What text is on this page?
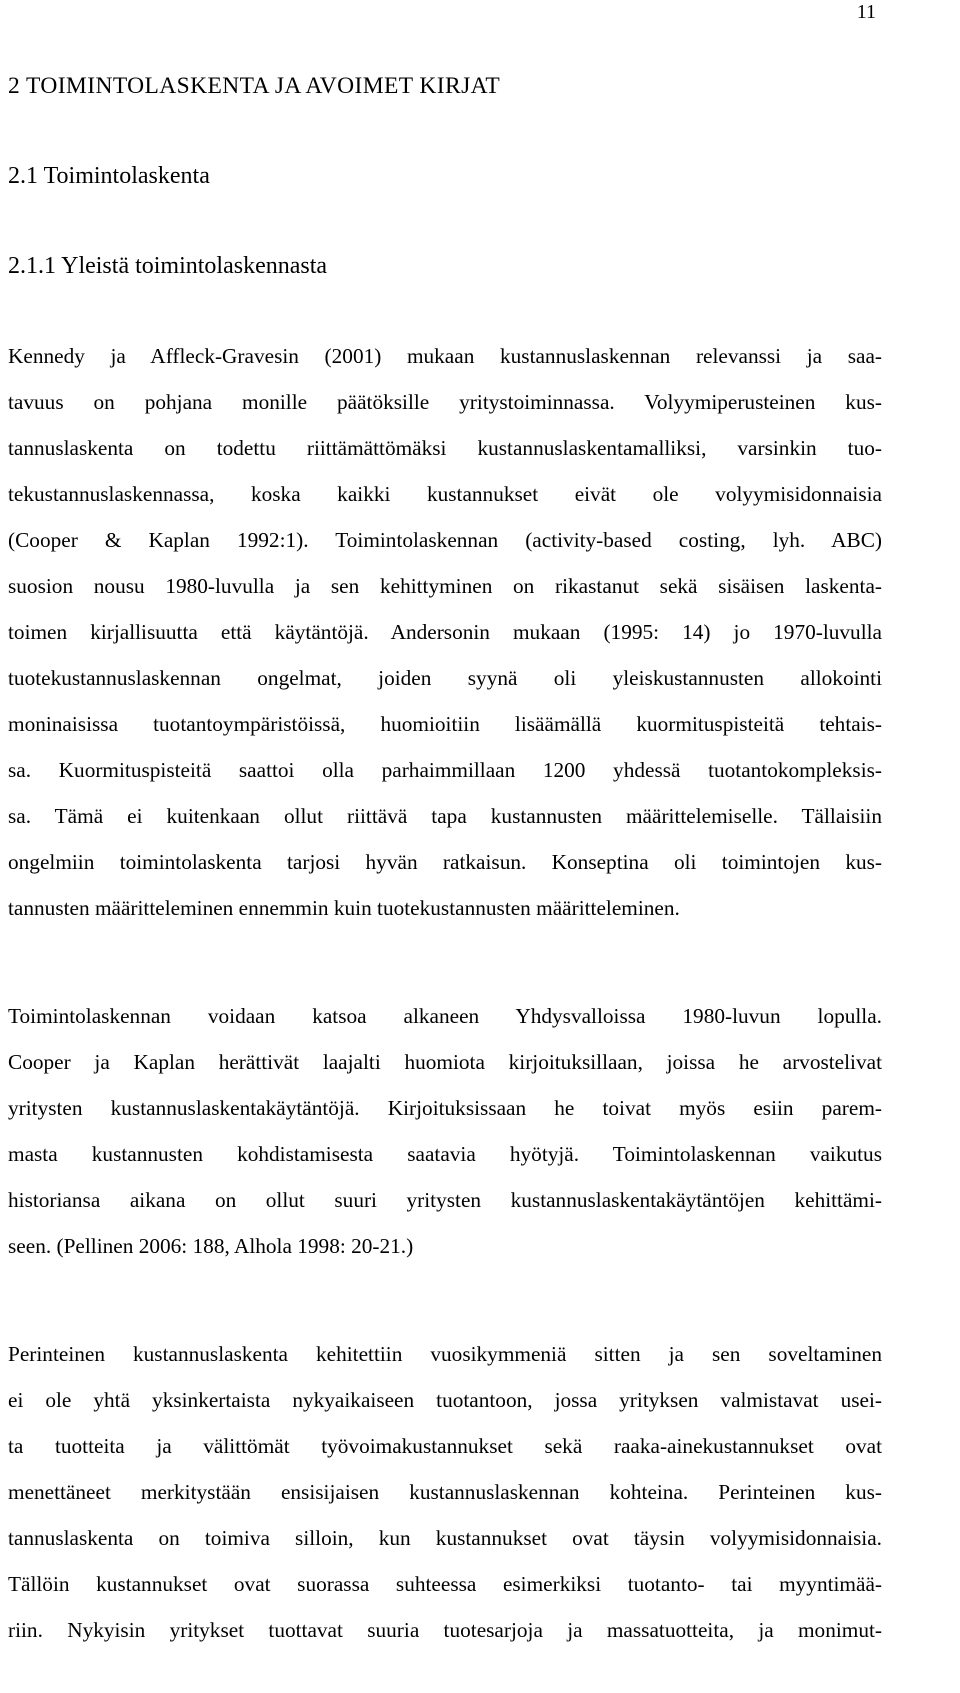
11
2 TOIMINTOLASKENTA JA AVOIMET KIRJAT
2.1 Toimintolaskenta
2.1.1 Yleistä toimintolaskennasta
Kennedy ja Affleck-Gravesin (2001) mukaan kustannuslaskennan relevanssi ja saa-
tavuus on pohjana monille päätöksille yritystoiminnassa. Volyymiperusteinen kus-
tannuslaskenta on todettu riittämättömäksi kustannuslaskentamalliksi, varsinkin tuo-
tekustannuslaskennassa, koska kaikki kustannukset eivät ole volyymisidonnaisia
(Cooper & Kaplan 1992:1). Toimintolaskennan (activity-based costing, lyh. ABC)
suosion nousu 1980-luvulla ja sen kehittyminen on rikastanut sekä sisäisen laskenta-
toimen kirjallisuutta että käytäntöjä. Andersonin mukaan (1995: 14) jo 1970-luvulla
tuotekustannuslaskennan ongelmat, joiden syynä oli yleiskustannusten allokointi
moninaisissa tuotantoympäristöissä, huomioitiin lisäämällä kuormituspisteitä tehtais-
sa. Kuormituspisteitä saattoi olla parhaimmillaan 1200 yhdessä tuotantokompleksis-
sa. Tämä ei kuitenkaan ollut riittävä tapa kustannusten määrittelemiselle. Tällaisiin
ongelmiin toimintolaskenta tarjosi hyvän ratkaisun. Konseptina oli toimintojen kus-
tannusten määritteleminen ennemmin kuin tuotekustannusten määritteleminen.
Toimintolaskennan voidaan katsoa alkaneen Yhdysvalloissa 1980-luvun lopulla.
Cooper ja Kaplan herättivät laajalti huomiota kirjoituksillaan, joissa he arvostelivat
yritysten kustannuslaskentakäytäntöjä. Kirjoituksissaan he toivat myös esiin parem-
masta kustannusten kohdistamisesta saatavia hyötyjä. Toimintolaskennan vaikutus
historiansa aikana on ollut suuri yritysten kustannuslaskentakäytäntöjen kehittämi-
seen. (Pellinen 2006: 188, Alhola 1998: 20-21.)
Perinteinen kustannuslaskenta kehitettiin vuosikymmeniä sitten ja sen soveltaminen
ei ole yhtä yksinkertaista nykyaikaiseen tuotantoon, jossa yrityksen valmistavat usei-
ta tuotteita ja välittömät työvoimakustannukset sekä raaka-ainekustannukset ovat
menettäneet merkitystään ensisijaisen kustannuslaskennan kohteina. Perinteinen kus-
tannuslaskenta on toimiva silloin, kun kustannukset ovat täysin volyymisidonnaisia.
Tällöin kustannukset ovat suorassa suhteessa esimerkiksi tuotanto- tai myyntimää-
riin. Nykyisin yritykset tuottavat suuria tuotesarjoja ja massatuotteita, ja monimut-
